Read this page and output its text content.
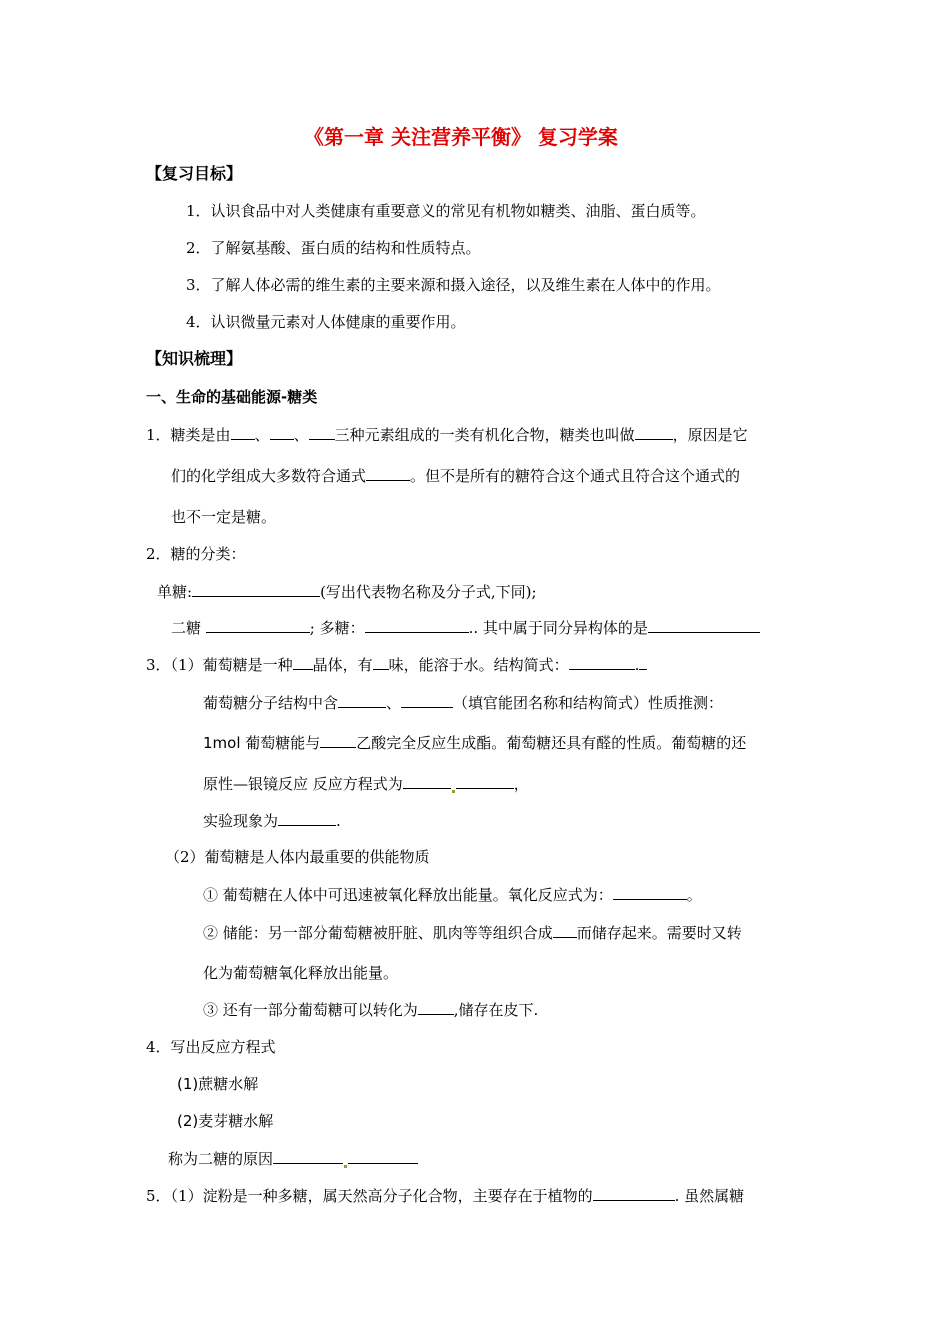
《第一章 关注营养平衡》 复习学案
【复习目标】
1．认识食品中对人类健康有重要意义的常见有机物如糖类、油脂、蛋白质等。
2．了解氨基酸、蛋白质的结构和性质特点。
3．了解人体必需的维生素的主要来源和摄入途径，以及维生素在人体中的作用。
4．认识微量元素对人体健康的重要作用。
【知识梳理】
一、生命的基础能源-糖类
1．糖类是由 、 、 三种元素组成的一类有机化合物，糖类也叫做	，原因是它
们的化学组成大多数符合通式	。但不是所有的糖符合这个通式且符合这个通式的
也不一定是糖。
2．糖的分类：
单糖:	(写出代表物名称及分子式,下同);
二糖	; 多糖：	.. 其中属于同分异构体的是
3．（1）葡萄糖是一种 晶体，有 味，能溶于水。结构简式：	.
葡萄糖分子结构中含	、	（填官能团名称和结构简式）性质推测：
1mol 葡萄糖能与 乙酸完全反应生成酯。葡萄糖还具有醛的性质。葡萄糖的还
原性—银镜反应 反应方程式为	，
实验现象为	.
（2）葡萄糖是人体内最重要的供能物质
① 葡萄糖在人体中可迅速被氧化释放出能量。氧化反应式为：	。
② 储能：另一部分葡萄糖被肝脏、肌肉等等组织合成 而储存起来。需要时又转
化为葡萄糖氧化释放出能量。
③ 还有一部分葡萄糖可以转化为 ,储存在皮下.
4．写出反应方程式
(1)蔗糖水解
(2)麦芽糖水解
称为二糖的原因
5．（1）淀粉是一种多糖，属天然高分子化合物，主要存在于植物的	. 虽然属糖
